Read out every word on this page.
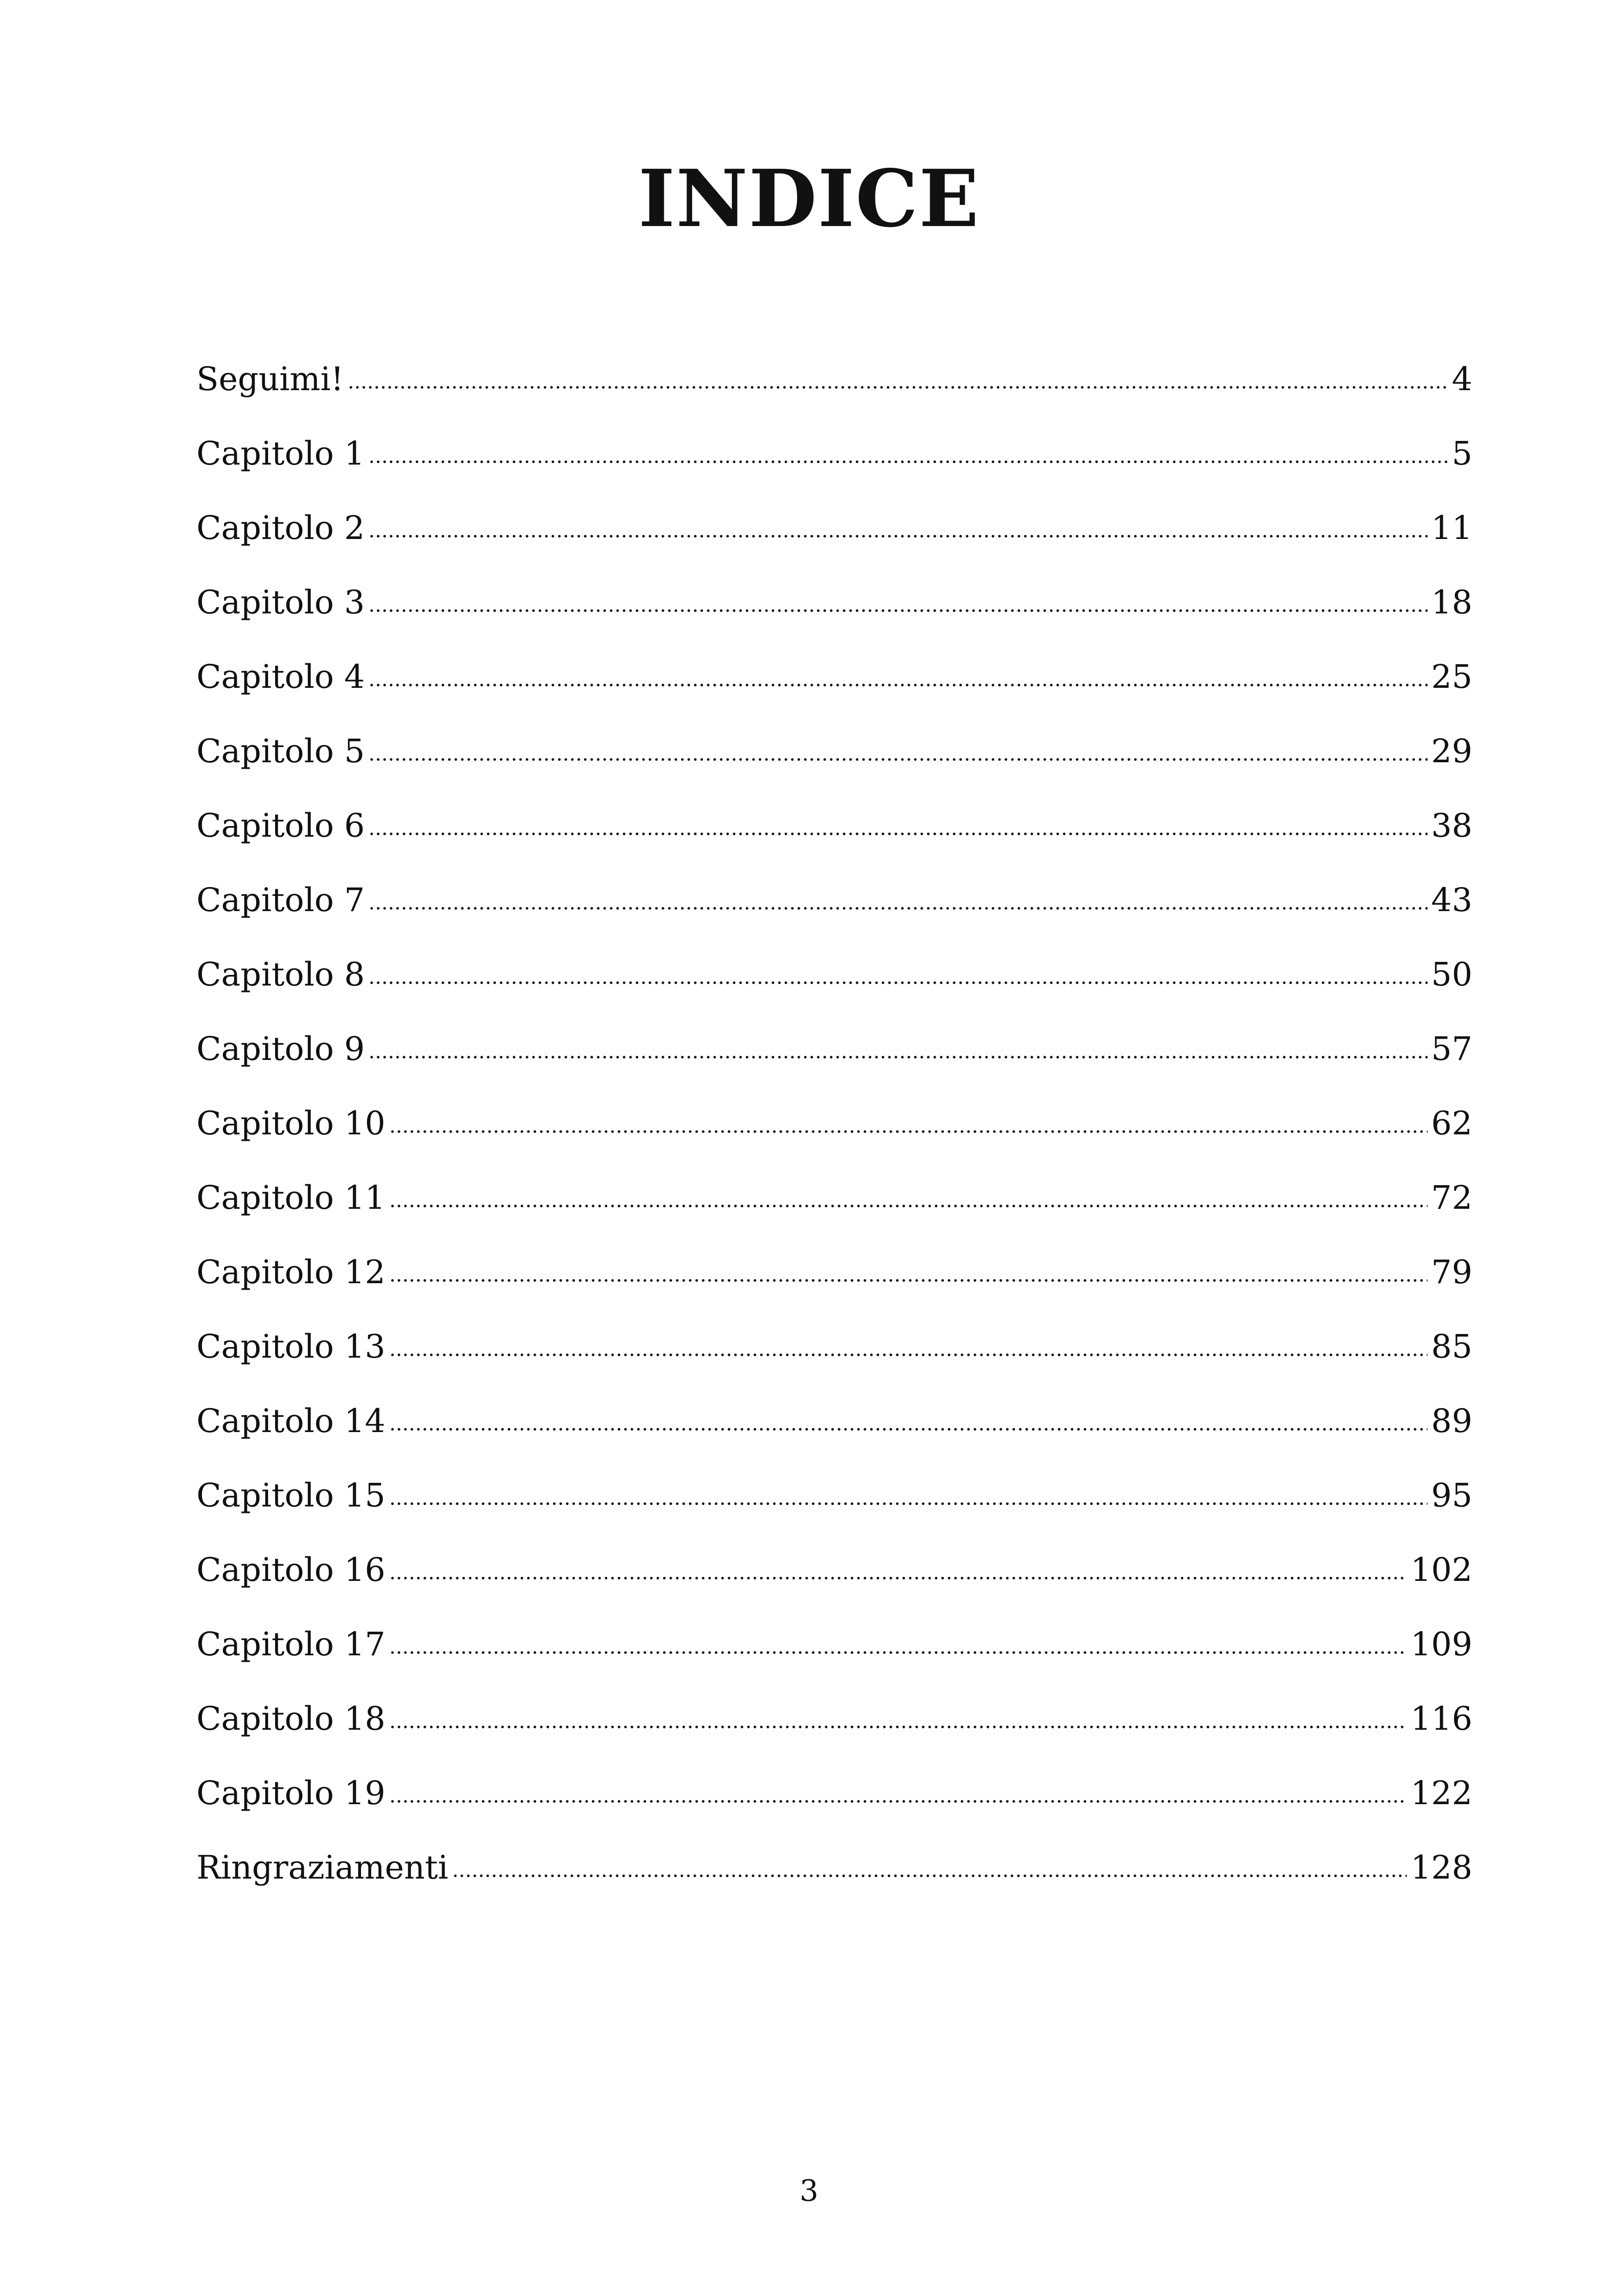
INDICE
Seguimi!	4
Capitolo 1	5
Capitolo 2	11
Capitolo 3	18
Capitolo 4	25
Capitolo 5	29
Capitolo 6	38
Capitolo 7	43
Capitolo 8	50
Capitolo 9	57
Capitolo 10	62
Capitolo 11	72
Capitolo 12	79
Capitolo 13	85
Capitolo 14	89
Capitolo 15	95
Capitolo 16	102
Capitolo 17	109
Capitolo 18	116
Capitolo 19	122
Ringraziamenti	128
3
